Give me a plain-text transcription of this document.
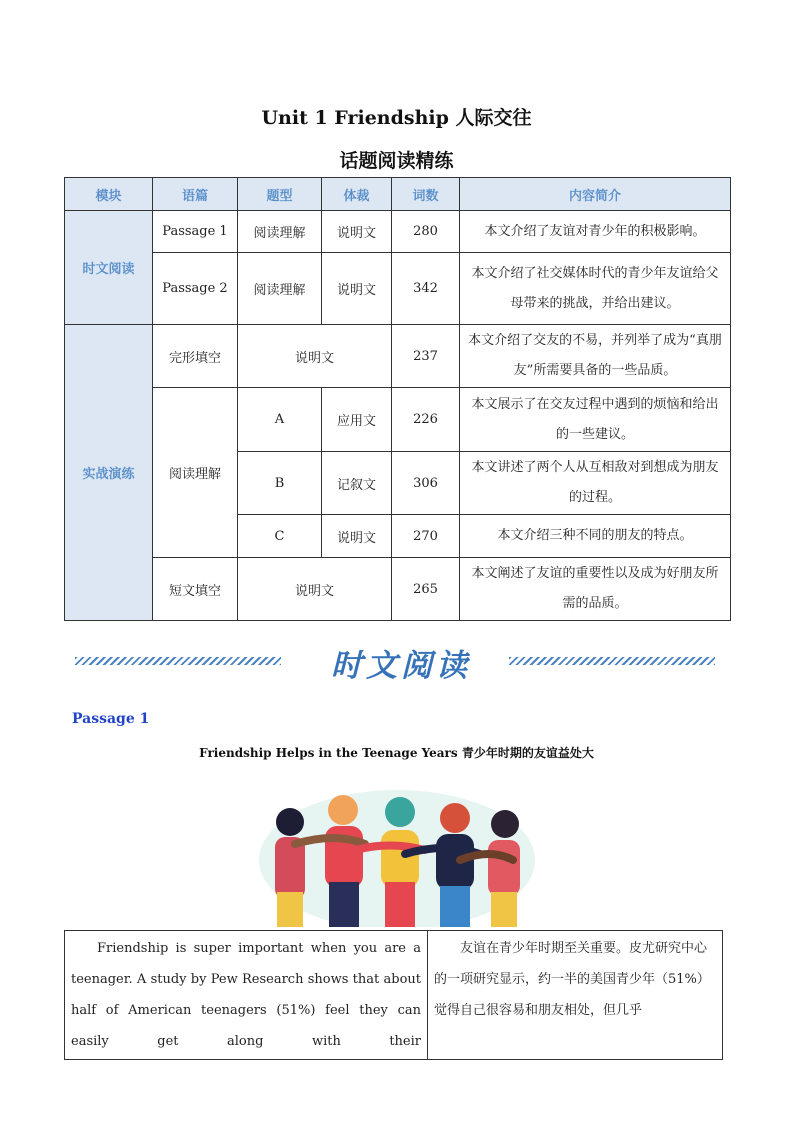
Unit 1 Friendship 人际交往
话题阅读精练
模块	语篇	题型	体裁	词数	内容简介
时文阅读	Passage 1	阅读理解	说明文	280	本文介绍了友谊对青少年的积极影响。
	Passage 2	阅读理解	说明文	342	本文介绍了社交媒体时代的青少年友谊给父母带来的挑战，并给出建议。
实战演练	完形填空	说明文		237	本文介绍了交友的不易，并列举了成为“真朋友”所需要具备的一些品质。
	阅读理解	A	应用文	226	本文展示了在交友过程中遇到的烦恼和给出的一些建议。
		B	记叙文	306	本文讲述了两个人从互相敌对到想成为朋友的过程。
		C	说明文	270	本文介绍三种不同的朋友的特点。
	短文填空	说明文		265	本文阐述了友谊的重要性以及成为好朋友所需的品质。
时文阅读
Passage 1
Friendship Helps in the Teenage Years 青少年时期的友谊益处大
Friendship is super important when you are a teenager. A study by Pew Research shows that about half of American teenagers (51%) feel they can easily get along with their

友谊在青少年时期至关重要。皮尤研究中心的一项研究显示，约一半的美国青少年（51%）觉得自己很容易和朋友相处，但几乎
